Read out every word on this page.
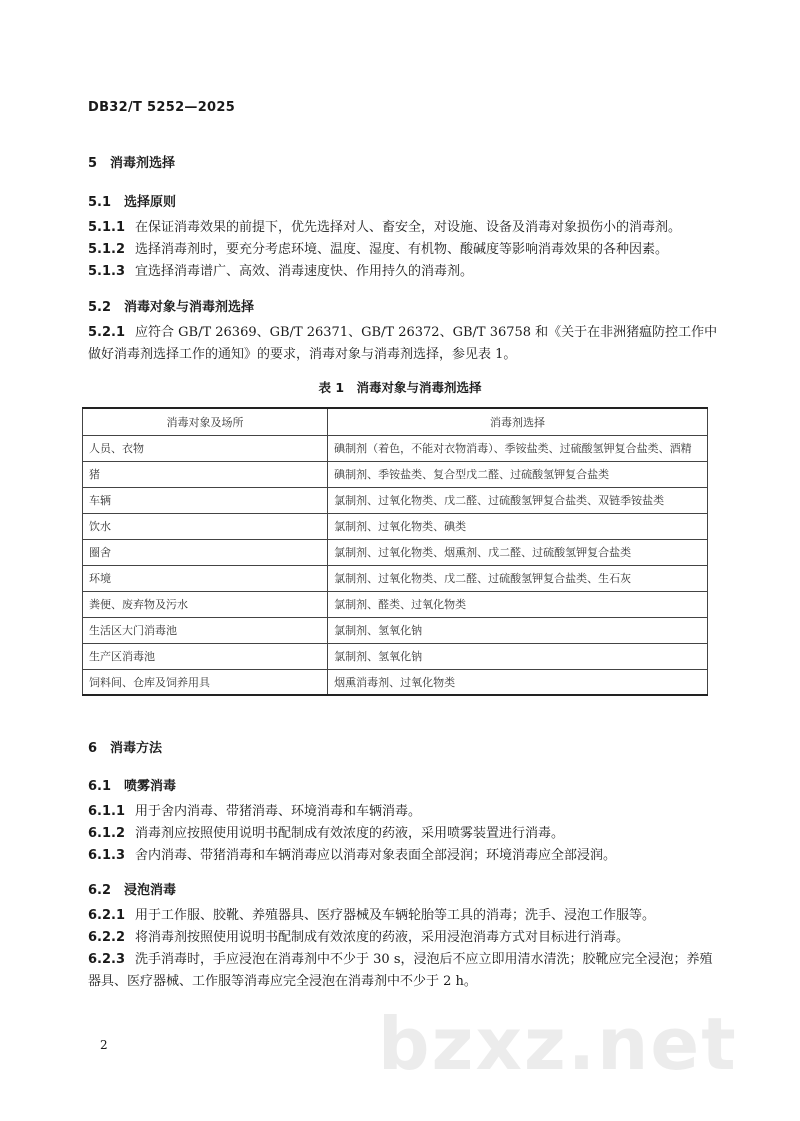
DB32/T 5252—2025
5　消毒剂选择
5.1　选择原则
5.1.1 在保证消毒效果的前提下，优先选择对人、畜安全，对设施、设备及消毒对象损伤小的消毒剂。
5.1.2 选择消毒剂时，要充分考虑环境、温度、湿度、有机物、酸碱度等影响消毒效果的各种因素。
5.1.3 宜选择消毒谱广、高效、消毒速度快、作用持久的消毒剂。
5.2　消毒对象与消毒剂选择
5.2.1 应符合 GB/T 26369、GB/T 26371、GB/T 26372、GB/T 36758 和《关于在非洲猪瘟防控工作中做好消毒剂选择工作的通知》的要求，消毒对象与消毒剂选择，参见表 1。
表 1　消毒对象与消毒剂选择
消毒对象及场所	消毒剂选择
人员、衣物	碘制剂（着色，不能对衣物消毒）、季铵盐类、过硫酸氢钾复合盐类、酒精
猪	碘制剂、季铵盐类、复合型戊二醛、过硫酸氢钾复合盐类
车辆	氯制剂、过氧化物类、戊二醛、过硫酸氢钾复合盐类、双链季铵盐类
饮水	氯制剂、过氧化物类、碘类
圈舍	氯制剂、过氧化物类、烟熏剂、戊二醛、过硫酸氢钾复合盐类
环境	氯制剂、过氧化物类、戊二醛、过硫酸氢钾复合盐类、生石灰
粪便、废弃物及污水	氯制剂、醛类、过氧化物类
生活区大门消毒池	氯制剂、氢氧化钠
生产区消毒池	氯制剂、氢氧化钠
饲料间、仓库及饲养用具	烟熏消毒剂、过氧化物类
6　消毒方法
6.1　喷雾消毒
6.1.1 用于舍内消毒、带猪消毒、环境消毒和车辆消毒。
6.1.2 消毒剂应按照使用说明书配制成有效浓度的药液，采用喷雾装置进行消毒。
6.1.3 舍内消毒、带猪消毒和车辆消毒应以消毒对象表面全部浸润；环境消毒应全部浸润。
6.2　浸泡消毒
6.2.1 用于工作服、胶靴、养殖器具、医疗器械及车辆轮胎等工具的消毒；洗手、浸泡工作服等。
6.2.2 将消毒剂按照使用说明书配制成有效浓度的药液，采用浸泡消毒方式对目标进行消毒。
6.2.3 洗手消毒时，手应浸泡在消毒剂中不少于 30 s，浸泡后不应立即用清水清洗；胶靴应完全浸泡；养殖器具、医疗器械、工作服等消毒应完全浸泡在消毒剂中不少于 2 h。
bzxz.net
2
